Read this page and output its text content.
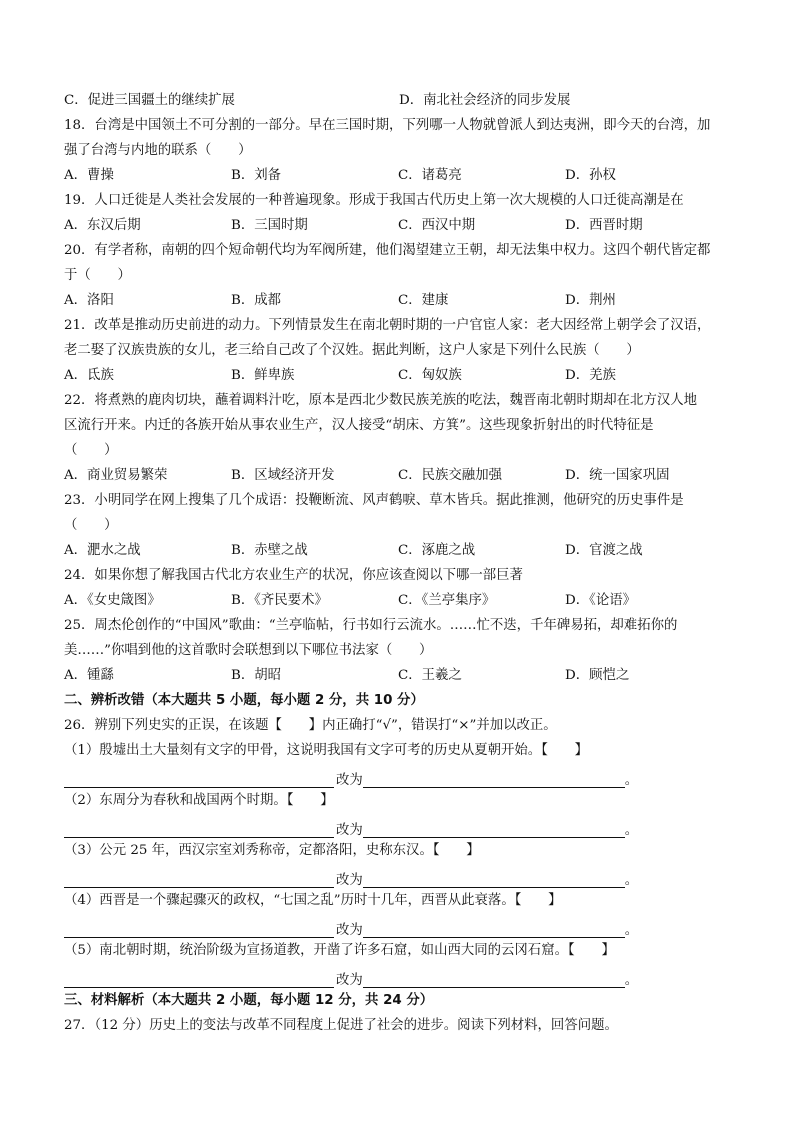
C．促进三国疆土的继续扩展	D．南北社会经济的同步发展
18．台湾是中国领土不可分割的一部分。早在三国时期，下列哪一人物就曾派人到达夷洲，即今天的台湾，加
强了台湾与内地的联系（　　）
A．曹操	B．刘备	C．诸葛亮	D．孙权
19．人口迁徙是人类社会发展的一种普遍现象。形成于我国古代历史上第一次大规模的人口迁徙高潮是在
A．东汉后期	B．三国时期	C．西汉中期	D．西晋时期
20．有学者称，南朝的四个短命朝代均为军阀所建，他们渴望建立王朝，却无法集中权力。这四个朝代皆定都
于（　　）
A．洛阳	B．成都	C．建康	D．荆州
21．改革是推动历史前进的动力。下列情景发生在南北朝时期的一户官宦人家：老大因经常上朝学会了汉语，
老二娶了汉族贵族的女儿，老三给自己改了个汉姓。据此判断，这户人家是下列什么民族（　　）
A．氐族	B．鲜卑族	C．匈奴族	D．羌族
22．将煮熟的鹿肉切块，蘸着调料汁吃，原本是西北少数民族羌族的吃法，魏晋南北朝时期却在北方汉人地
区流行开来。内迁的各族开始从事农业生产，汉人接受“胡床、方箕”。这些现象折射出的时代特征是
（　　）
A．商业贸易繁荣	B．区域经济开发	C．民族交融加强	D．统一国家巩固
23．小明同学在网上搜集了几个成语：投鞭断流、风声鹤唳、草木皆兵。据此推测，他研究的历史事件是
（　　）
A．淝水之战	B．赤壁之战	C．涿鹿之战	D．官渡之战
24．如果你想了解我国古代北方农业生产的状况，你应该查阅以下哪一部巨著
A．《女史箴图》	B．《齐民要术》	C．《兰亭集序》	D．《论语》
25．周杰伦创作的“中国风”歌曲：“兰亭临帖，行书如行云流水。……忙不迭，千年碑易拓，却难拓你的
美……”你唱到他的这首歌时会联想到以下哪位书法家（　　）
A．锺繇	B．胡昭	C．王羲之	D．顾恺之
二、辨析改错（本大题共 5 小题，每小题 2 分，共 10 分）
26．辨别下列史实的正误，在该题【　　】内正确打“√”，错误打“×”并加以改正。
（1）殷墟出土大量刻有文字的甲骨，这说明我国有文字可考的历史从夏朝开始。【　　】
改为	。
（2）东周分为春秋和战国两个时期。【　　】
改为	。
（3）公元 25 年，西汉宗室刘秀称帝，定都洛阳，史称东汉。【　　】
改为	。
（4）西晋是一个骤起骤灭的政权，“七国之乱”历时十几年，西晋从此衰落。【　　】
改为	。
（5）南北朝时期，统治阶级为宣扬道教，开凿了许多石窟，如山西大同的云冈石窟。【　　】
改为	。
三、材料解析（本大题共 2 小题，每小题 12 分，共 24 分）
27．（12 分）历史上的变法与改革不同程度上促进了社会的进步。阅读下列材料，回答问题。
